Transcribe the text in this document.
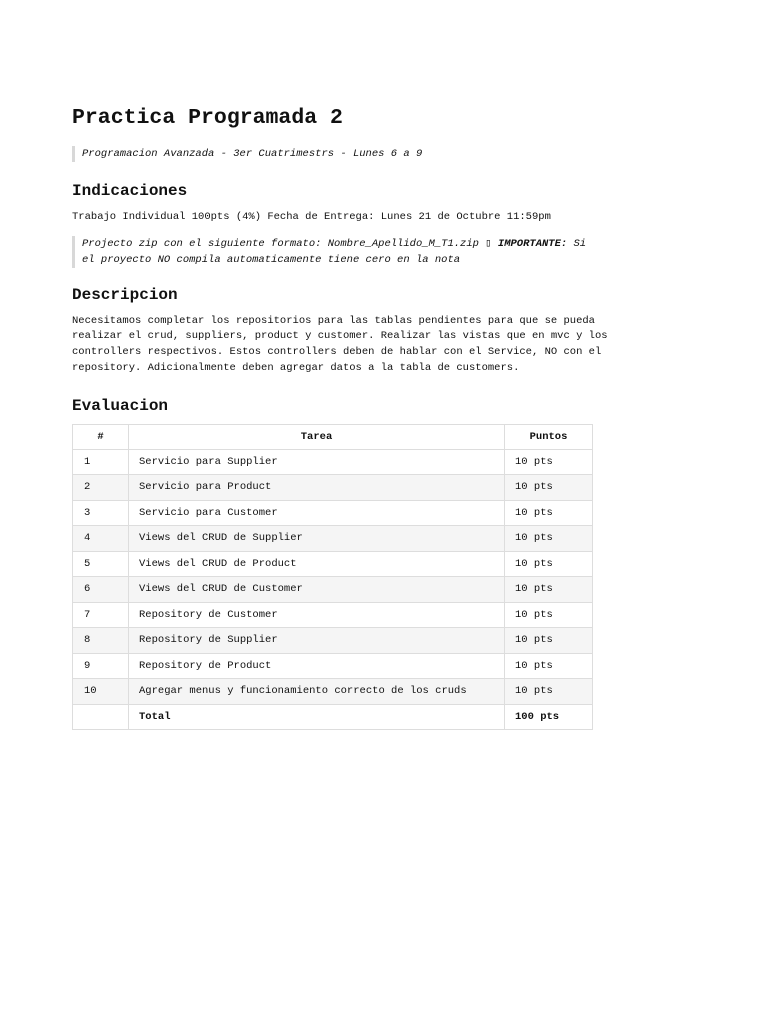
Practica Programada 2
Programacion Avanzada - 3er Cuatrimestrs - Lunes 6 a 9
Indicaciones

Trabajo Individual 100pts (4%) Fecha de Entrega: Lunes 21 de Octubre 11:59pm

Projecto zip con el siguiente formato: Nombre_Apellido_M_T1.zip ▯ IMPORTANTE: Si el proyecto NO compila automaticamente tiene cero en la nota
Descripcion

Necesitamos completar los repositorios para las tablas pendientes para que se pueda realizar el crud, suppliers, product y customer. Realizar las vistas que en mvc y los controllers respectivos. Estos controllers deben de hablar con el Service, NO con el repository. Adicionalmente deben agregar datos a la tabla de customers.

Evaluacion
#	Tarea	Puntos
1	Servicio para Supplier	10 pts
2	Servicio para Product	10 pts
3	Servicio para Customer	10 pts
4	Views del CRUD de Supplier	10 pts
5	Views del CRUD de Product	10 pts
6	Views del CRUD de Customer	10 pts
7	Repository de Customer	10 pts
8	Repository de Supplier	10 pts
9	Repository de Product	10 pts
10	Agregar menus y funcionamiento correcto de los cruds	10 pts
	Total	100 pts
